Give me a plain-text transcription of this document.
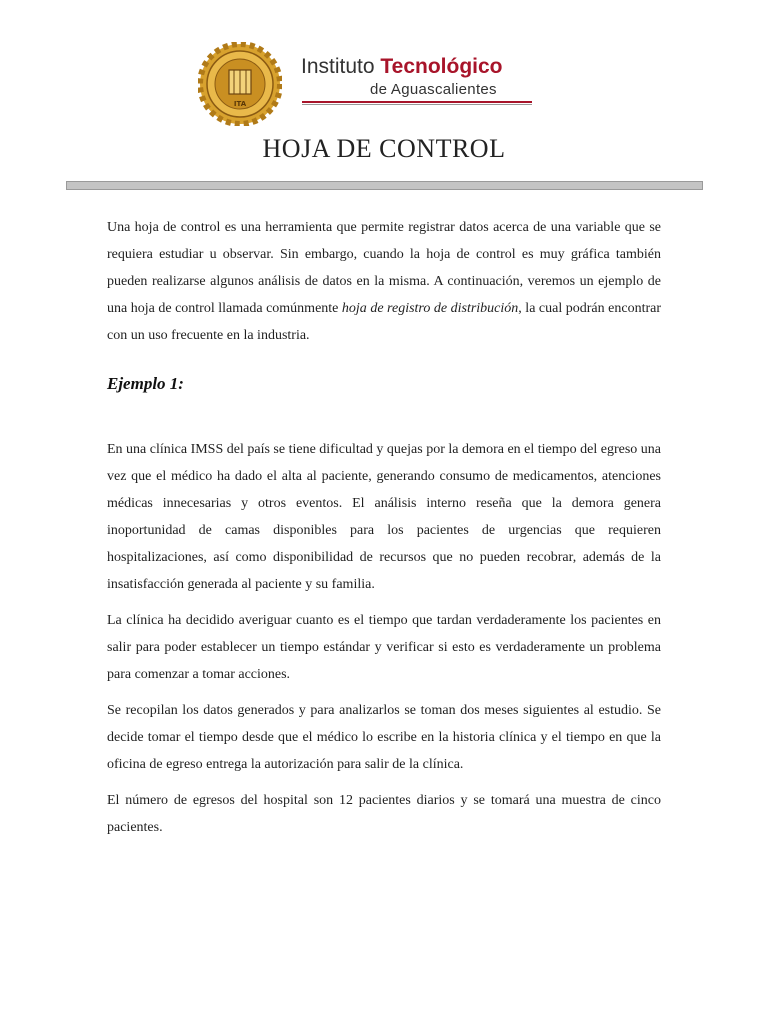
ITA
Instituto Tecnológico
de Aguascalientes
HOJA DE CONTROL

Una hoja de control es una herramienta que permite registrar datos acerca de una variable que se requiera estudiar u observar. Sin embargo, cuando la hoja de control es muy gráfica también pueden realizarse algunos análisis de datos en la misma. A continuación, veremos un ejemplo de una hoja de control llamada comúnmente hoja de registro de distribución, la cual podrán encontrar con un uso frecuente en la industria.

Ejemplo 1:

En una clínica IMSS del país se tiene dificultad y quejas por la demora en el tiempo del egreso una vez que el médico ha dado el alta al paciente, generando consumo de medicamentos, atenciones médicas innecesarias y otros eventos. El análisis interno reseña que la demora genera inoportunidad de camas disponibles para los pacientes de urgencias que requieren hospitalizaciones, así como disponibilidad de recursos que no pueden recobrar, además de la insatisfacción generada al paciente y su familia.

La clínica ha decidido averiguar cuanto es el tiempo que tardan verdaderamente los pacientes en salir para poder establecer un tiempo estándar y verificar si esto es verdaderamente un problema para comenzar a tomar acciones.

Se recopilan los datos generados y para analizarlos se toman dos meses siguientes al estudio. Se decide tomar el tiempo desde que el médico lo escribe en la historia clínica y el tiempo en que la oficina de egreso entrega la autorización para salir de la clínica.

El número de egresos del hospital son 12 pacientes diarios y se tomará una muestra de cinco pacientes.
